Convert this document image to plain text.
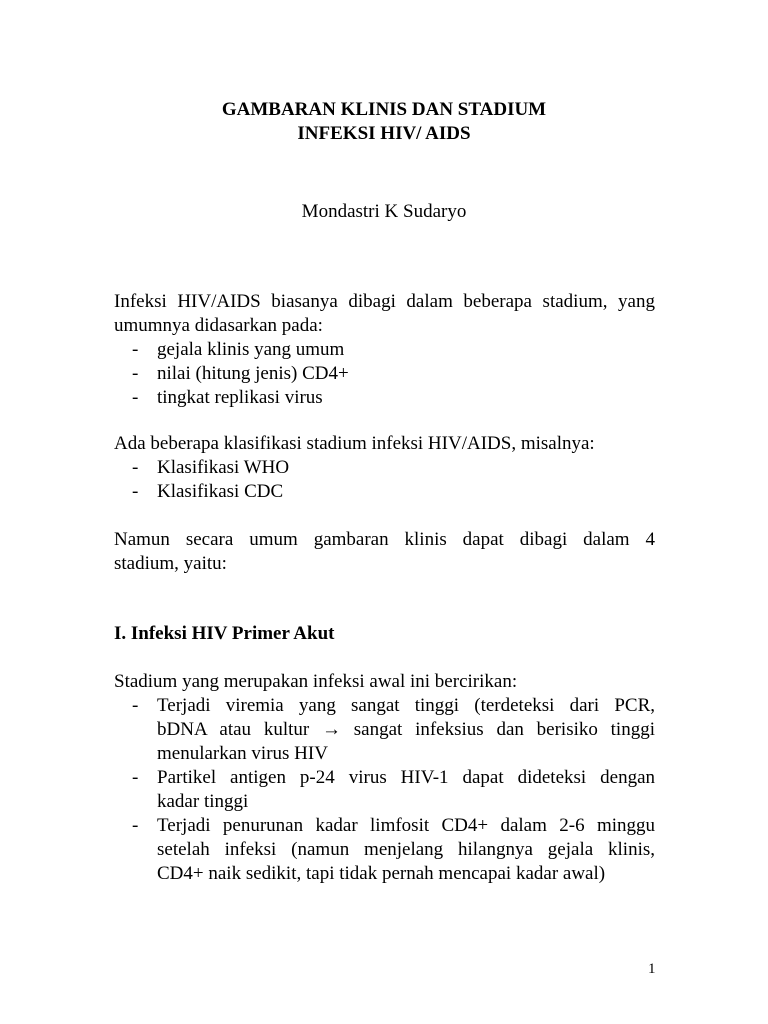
GAMBARAN KLINIS DAN STADIUM
INFEKSI HIV/ AIDS
Mondastri K Sudaryo
Infeksi HIV/AIDS biasanya dibagi dalam beberapa stadium, yang
umumnya didasarkan pada:
- gejala klinis yang umum
- nilai (hitung jenis) CD4+
- tingkat replikasi virus
Ada beberapa klasifikasi stadium infeksi HIV/AIDS, misalnya:
- Klasifikasi WHO
- Klasifikasi CDC
Namun secara umum gambaran klinis dapat dibagi dalam 4
stadium, yaitu:
I. Infeksi HIV Primer Akut
Stadium yang merupakan infeksi awal ini bercirikan:
- Terjadi viremia yang sangat tinggi (terdeteksi dari PCR,
bDNA atau kultur → sangat infeksius dan berisiko tinggi
menularkan virus HIV
- Partikel antigen p-24 virus HIV-1 dapat dideteksi dengan
kadar tinggi
- Terjadi penurunan kadar limfosit CD4+ dalam 2-6 minggu
setelah infeksi (namun menjelang hilangnya gejala klinis,
CD4+ naik sedikit, tapi tidak pernah mencapai kadar awal)
1
